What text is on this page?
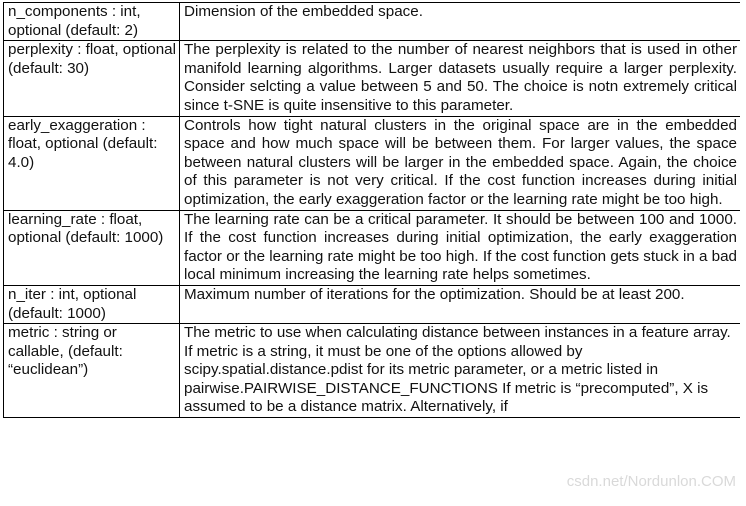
n_components : int, optional (default: 2)	Dimension of the embedded space.
perplexity : float, optional (default: 30)	The perplexity is related to the number of nearest neighbors that is used in other manifold learning algorithms. Larger datasets usually require a larger perplexity. Consider selcting a value between 5 and 50. The choice is notn extremely critical since t-SNE is quite insensitive to this parameter.
early_exaggeration : float, optional (default: 4.0)	Controls how tight natural clusters in the original space are in the embedded space and how much space will be between them. For larger values, the space between natural clusters will be larger in the embedded space. Again, the choice of this parameter is not very critical. If the cost function increases during initial optimization, the early exaggeration factor or the learning rate might be too high.
learning_rate : float, optional (default: 1000)	The learning rate can be a critical parameter. It should be between 100 and 1000. If the cost function increases during initial optimization, the early exaggeration factor or the learning rate might be too high. If the cost function gets stuck in a bad local minimum increasing the learning rate helps sometimes.
n_iter : int, optional (default: 1000)	Maximum number of iterations for the optimization. Should be at least 200.
metric : string or callable, (default: “euclidean”)	The metric to use when calculating distance between instances in a feature array. If metric is a string, it must be one of the options allowed by scipy.spatial.distance.pdist for its metric parameter, or a metric listed in pairwise.PAIRWISE_DISTANCE_FUNCTIONS If metric is “precomputed”, X is assumed to be a distance matrix. Alternatively, if
csdn.net/Nordunlon.COM
